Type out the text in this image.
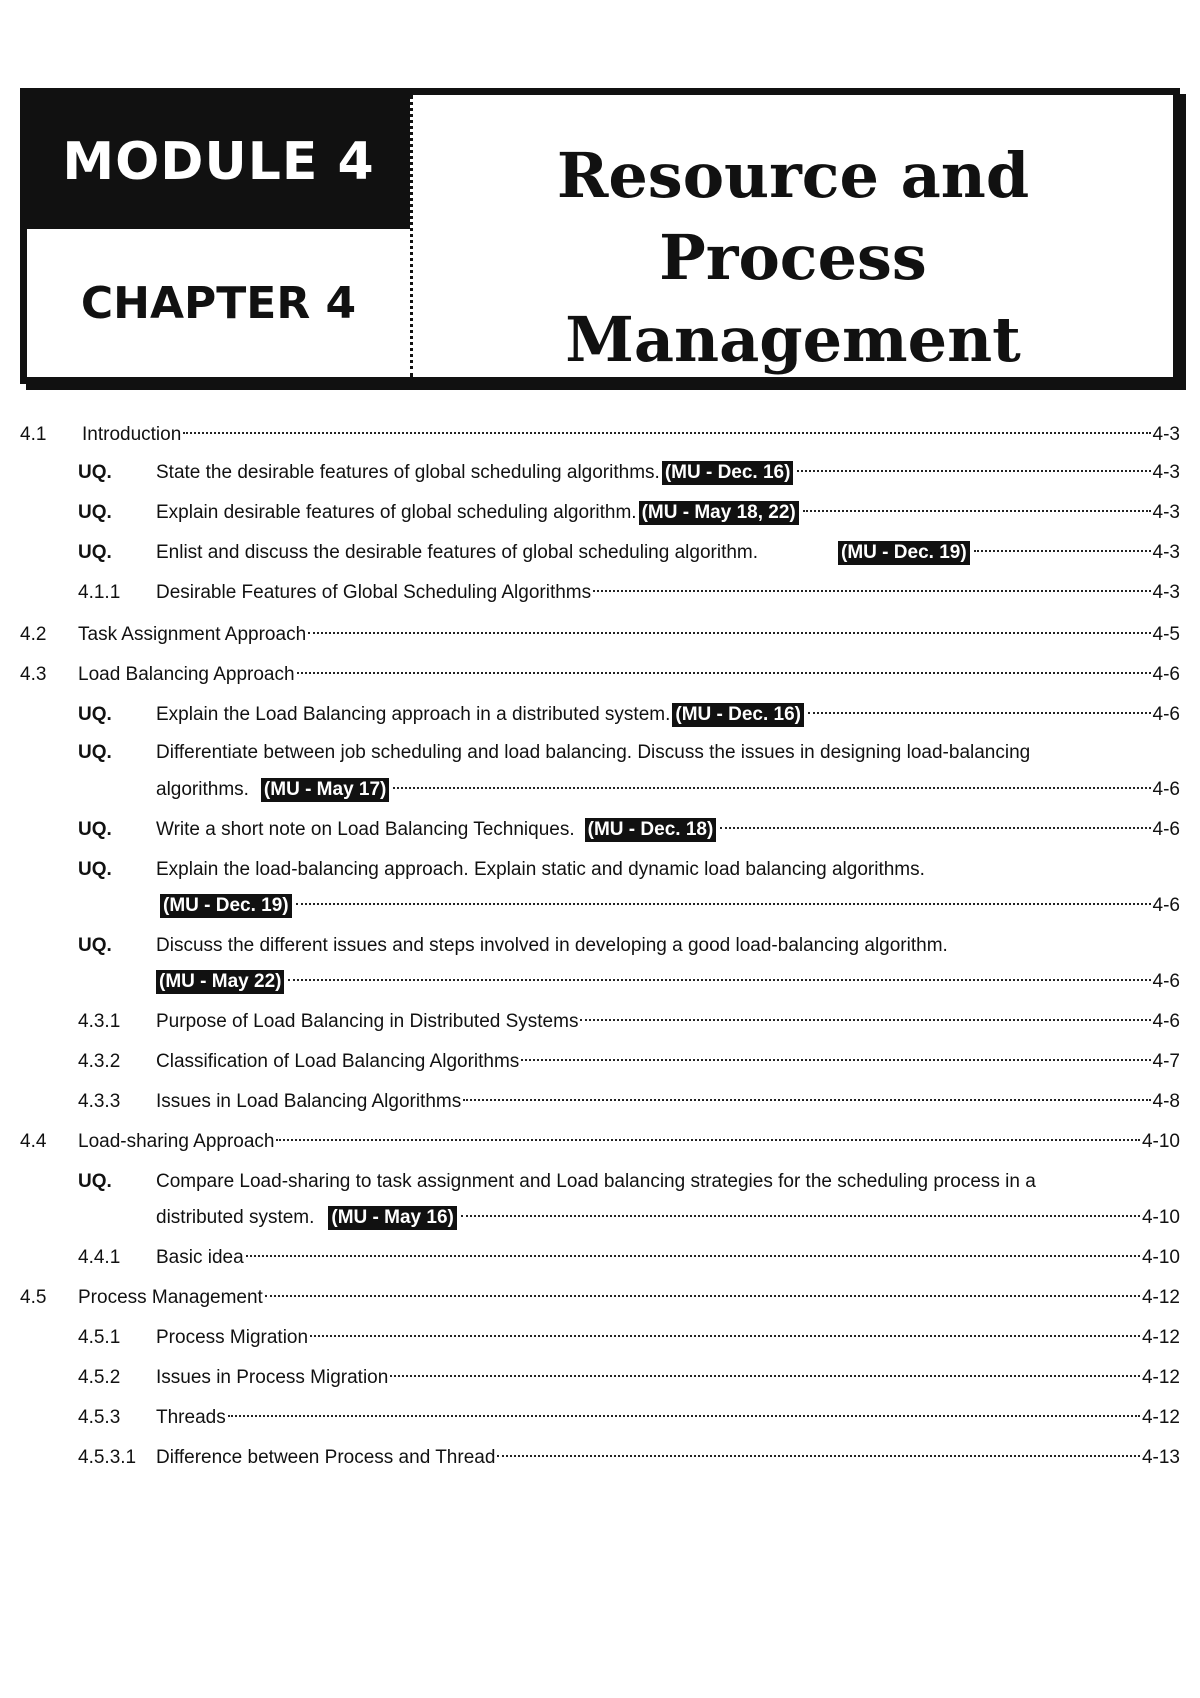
MODULE 4
CHAPTER 4
Resource and Process
Management
4.1 Introduction	4-3
UQ. State the desirable features of global scheduling algorithms. (MU - Dec. 16)	4-3
UQ. Explain desirable features of global scheduling algorithm. (MU - May 18, 22)	4-3
UQ. Enlist and discuss the desirable features of global scheduling algorithm.	(MU - Dec. 19)	4-3
4.1.1 Desirable Features of Global Scheduling Algorithms	4-3
4.2 Task Assignment Approach	4-5
4.3 Load Balancing Approach	4-6
UQ. Explain the Load Balancing approach in a distributed system. (MU - Dec. 16)	4-6
UQ. Differentiate between job scheduling and load balancing. Discuss the issues in designing load-balancing
algorithms. (MU - May 17)	4-6
UQ. Write a short note on Load Balancing Techniques. (MU - Dec. 18)	4-6
UQ. Explain the load-balancing approach. Explain static and dynamic load balancing algorithms.
(MU - Dec. 19)	4-6
UQ. Discuss the different issues and steps involved in developing a good load-balancing algorithm.
(MU - May 22)	4-6
4.3.1 Purpose of Load Balancing in Distributed Systems	4-6
4.3.2 Classification of Load Balancing Algorithms	4-7
4.3.3 Issues in Load Balancing Algorithms	4-8
4.4 Load-sharing Approach	4-10
UQ. Compare Load-sharing to task assignment and Load balancing strategies for the scheduling process in a
distributed system. (MU - May 16)	4-10
4.4.1 Basic idea	4-10
4.5 Process Management	4-12
4.5.1 Process Migration	4-12
4.5.2 Issues in Process Migration	4-12
4.5.3 Threads	4-12
4.5.3.1 Difference between Process and Thread	4-13
